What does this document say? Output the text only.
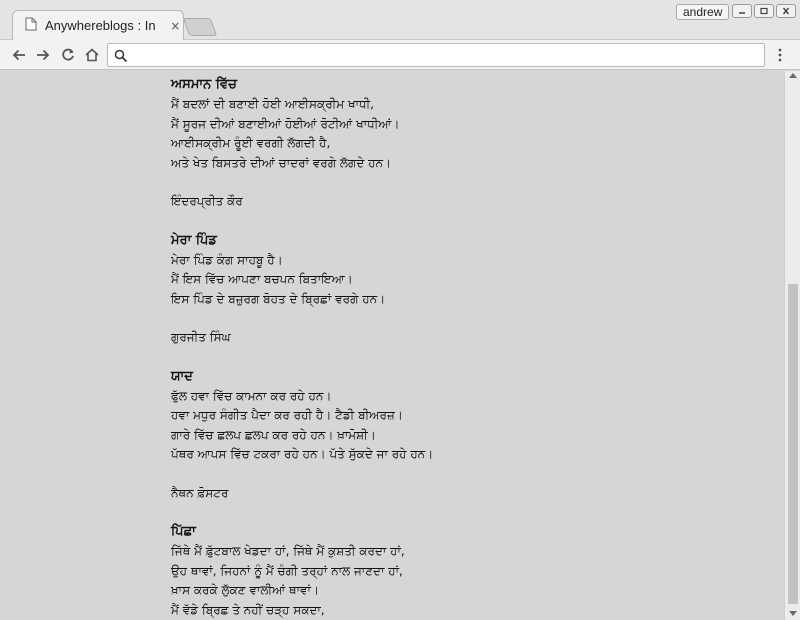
Anywhereblogs : In	×
andrew
ਅਸਮਾਨ ਵਿੱਚ
ਮੈਂ ਬਦਲਾਂ ਦੀ ਬਣਾਈ ਹੋਈ ਆਈਸਕ੍ਰੀਮ ਖਾਧੀ,
ਮੈਂ ਸੂਰਜ ਦੀਆਂ ਬਣਾਈਆਂ ਹੋਈਆਂ ਰੋਟੀਆਂ ਖਾਧੀਆਂ।
ਆਈਸਕ੍ਰੀਮ ਰੂੰਈ ਵਰਗੀ ਲੱਗਦੀ ਹੈ,
ਅਤੇ ਖੇਤ ਬਿਸਤਰੇ ਦੀਆਂ ਚਾਦਰਾਂ ਵਰਗੇ ਲੱਗਦੇ ਹਨ।
ਇੰਦਰਪ੍ਰੀਤ ਕੌਰ
ਮੇਰਾ ਪਿੰਡ
ਮੇਰਾ ਪਿੰਡ ਕੰਗ ਸਾਹਬੂ ਹੈ।
ਮੈਂ ਇਸ ਵਿੱਚ ਆਪਣਾ ਬਚਪਨ ਬਿਤਾਇਆ।
ਇਸ ਪਿੰਡ ਦੇ ਬਜ਼ੁਰਗ ਬੋਹਤ ਦੇ ਬ੍ਰਿਛਾਂ ਵਰਗੇ ਹਨ।
ਗੁਰਜੀਤ ਸਿੰਘ
ਯਾਦ
ਫੁੱਲ ਹਵਾ ਵਿੱਚ ਕਾਮਨਾ ਕਰ ਰਹੇ ਹਨ।
ਹਵਾ ਮਧੁਰ ਸੰਗੀਤ ਪੈਦਾ ਕਰ ਰਹੀ ਹੈ। ਟੈਡੀ ਬੀਅਰਜ਼।
ਗਾਰੇ ਵਿੱਚ ਛਲਪ ਛਲਪ ਕਰ ਰਹੇ ਹਨ। ਖ਼ਾਮੋਸ਼ੀ।
ਪੱਥਰ ਆਪਸ ਵਿੱਚ ਟਕਰਾ ਰਹੇ ਹਨ। ਪੱਤੇ ਸੁੱਕਦੇ ਜਾ ਰਹੇ ਹਨ।
ਨੈਥਨ ਫ਼ੋਸਟਰ
ਪਿੱਛਾ
ਜਿੱਥੇ ਮੈਂ ਫ਼ੁੱਟਬਾਲ ਖੇਡਦਾ ਹਾਂ, ਜਿੱਥੇ ਮੈਂ ਕੁਸ਼ਤੀ ਕਰਦਾ ਹਾਂ,
ਉਹ ਥਾਵਾਂ, ਜਿਹਨਾਂ ਨੂੰ ਮੈਂ ਚੰਗੀ ਤਰ੍ਹਾਂ ਨਾਲ ਜਾਣਦਾ ਹਾਂ,
ਖ਼ਾਸ ਕਰਕੇ ਲੁੱਕਣ ਵਾਲੀਆਂ ਥਾਵਾਂ।
ਮੈਂ ਵੱਡੇ ਬ੍ਰਿਛ ਤੇ ਨਹੀਂ ਚੜ੍ਹ ਸਕਦਾ,
